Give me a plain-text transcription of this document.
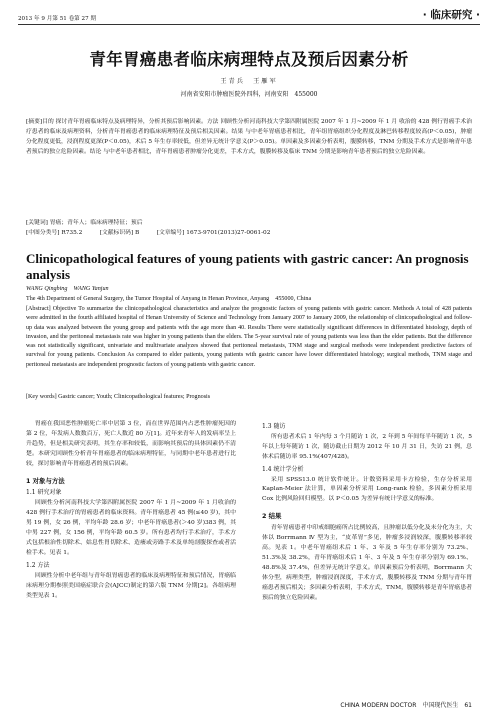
2013 年 9 月第 51 卷第 27 期	· 临床研究 ·
青年胃癌患者临床病理特点及预后因素分析
王青兵　王雁军
河南省安阳市肿瘤医院外四科，河南安阳　455000
[摘要]目的 探讨青年胃癌临床特点及病理特异，分析其预后影响因素。方法 回顾性分析河南科技大学第四附属医院 2007 年 1 月~2009 年 1 月 收治的 428 例行胃癌手术治疗患者的临床及病理资料，分析青年胃癌患者的临床病理特征及预后相关因素。结果 与中老年胃癌患者相比，青年组胃癌组织分化程度及淋巴转移程度较高(P＜0.05)，肿瘤分化程度更低，浸润程度更深(P＜0.05)，术后 5 年生存率较低，但差异无统计学意义(P＞0.05)。单因素及多因素分析表明，腹膜转移，TNM 分期及手术方式是影响青年患者预后的独立危险因素。结论 与中老年患者相比，青年胃癌患者肿瘤分化更差，手术方式，腹膜转移及临床 TNM 分期是影响青年患者预后的独立危险因素。
[关键词] 胃癌；青年人；临床病理特征；预后
[中图分类号] R735.2　　　[文献标识码] B　　　[文章编号] 1673-9701(2013)27-0061-02
Clinicopathological features of young patients with gastric cancer: An prognosis analysis
WANG Qingbing　WANG Yanjun
The 4th Department of General Surgery, the Tumor Hospital of Anyang in Henan Province, Anyang　455000, China
[Abstract] Objective To summarize the clinicopathological characteristics and analyze the prognostic factors of young patients with gastric cancer. Methods A total of 428 patients were admitted in the fourth affiliated hospital of Henan University of Science and Technology from January 2007 to January 2009, the relationship of clinicopathological and follow-up data was analyzed between the young group and patients with the age more than 40. Results There were statistically significant differences in differentiated histology, depth of invasion, and the peritoneal metastasis rate was higher in young patients than the elders. The 5-year survival rate of young patients was less than the elder patients. But the difference was not statistically significant, univariate and multivariate analyzes showed that peritoneal metastasis, TNM stage and surgical methods were independent predictive factors of survival for young patients. Conclusion As compared to elder patients, young patients with gastric cancer have lower differentiated histology; surgical methods, TNM stage and peritoneal metastasis are independent prognostic factors of young patients with gastric cancer.
[Key words] Gastric cancer; Youth; Clinicopathological features; Prognosis

胃癌在我国恶性肿瘤死亡率中居第 3 位，而在世界范围内占恶性肿瘤死因的第 2 位，年发病人数数百万，死亡人数近 80 万[1]。近年来青年人的发病率呈上升趋势，但是相关研究表明，其生存率和较低，而影响其预后的具体因素仍不清楚。本研究回顾性分析青年胃癌患者的临床病理特征，与同期中老年患者进行比较，探讨影响青年胃癌患者的预后因素。

1 对象与方法
1.1 研究对象

回顾性分析河南科技大学第四附属医院 2007 年 1 月~2009 年 1 月收治的 428 例行手术治疗的胃癌患者的临床资料。青年胃癌患者 45 例(≤40 岁)，其中男 19 例，女 26 例，平均年龄 28.6 岁；中老年胃癌患者(＞40 岁)383 例，其中男 227 例，女 156 例，平均年龄 60.5 岁。所有患者均行手术治疗，手术方式包括根治性切除术、姑息性胃切除术、造瘘或旁路手术及单纯剖腹探查或者活检手术。见表 1。

1.2 方法

回顾性分析中老年组与青年组胃癌患者的临床及病理特征和预后情况，胃癌临床病理分期参照美国癌症联合会(AJCC)制定的第六版 TNM 分期[2]。各组病理类型见表 1。

1.3 随访

所有患者术后 1 年内每 3 个月随访 1 次，2 年到 5 年间每半年随访 1 次，5 年以上每年随访 1 次，随访截止日期为 2012 年 10 月 31 日，失访 21 例，总体术后随访率 95.1%(407/428)。

1.4 统计学分析

采用 SPSS13.0 统计软件统计。计数资料采用卡方检验，生存分析采用 Kaplan-Meier 法计算，单因素分析采用 Long-rank 检验，多因素分析采用 Cox 比例风险回归模型。以 P＜0.05 为差异有统计学意义的标准。

2 结果

青年胃癌患者中印戒细胞癌所占比例较高，且肿瘤以低分化及未分化为主，大体以 Borrmann Ⅳ 型为主，“皮革胃”多见，肿瘤多浸润较深，腹膜转移率较高。见表 1。中老年胃癌组术后 1 年、3 年及 5 年生存率分别为 73.2%、51.3%及 38.2%，青年胃癌组术后 1 年、3 年及 5 年生存率分别为 69.1%、48.8%及 37.4%，但差异无统计学意义。单因素预后分析表明，Borrmann 大体分型，病理类型，肿瘤浸润深度，手术方式，腹膜转移及 TNM 分期与青年胃癌患者预后相关；多因素分析表明，手术方式，TNM，腹膜转移是青年胃癌患者预后的独立危险因素。

CHINA MODERN DOCTOR　中国现代医生　61
